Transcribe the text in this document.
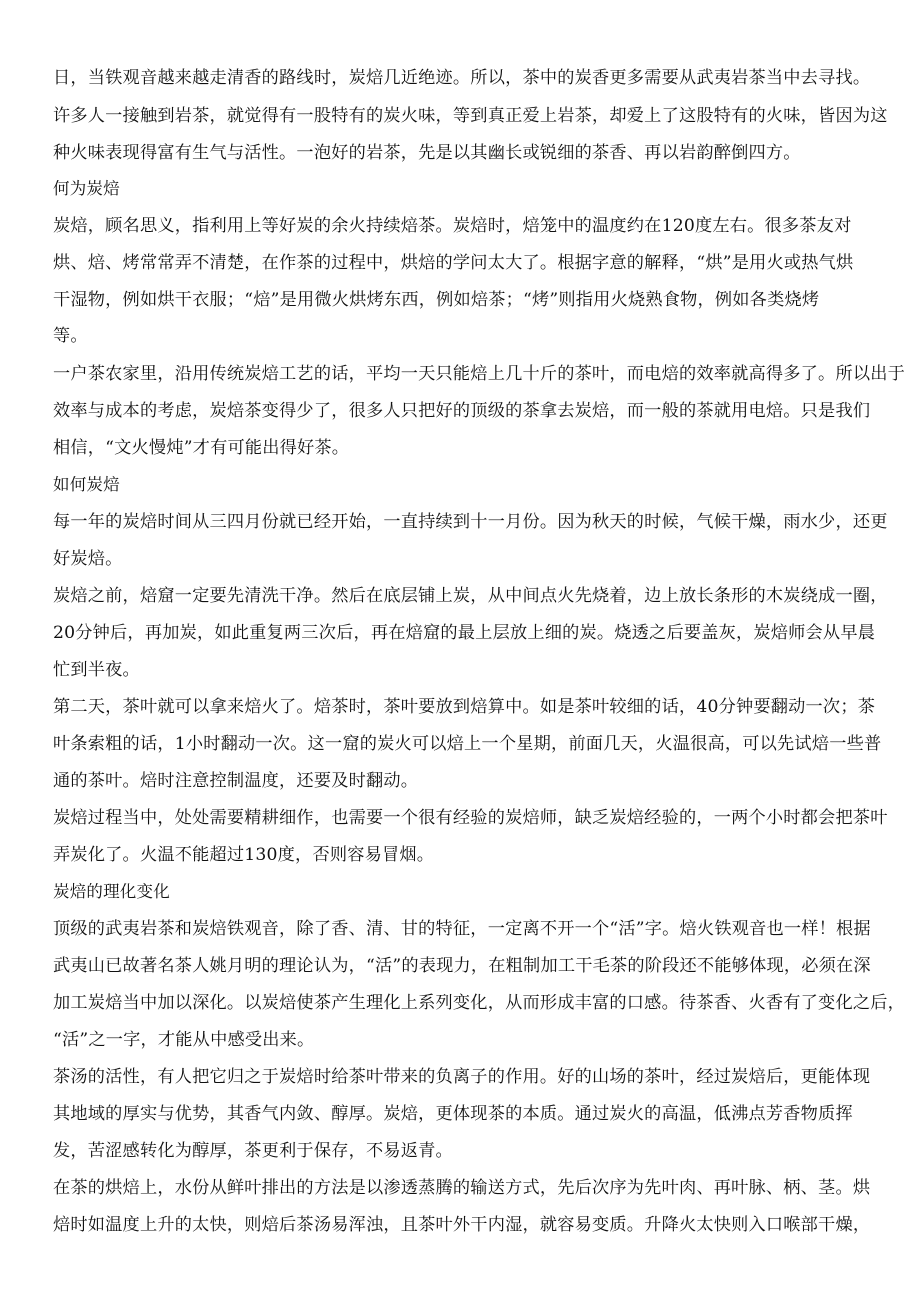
日，当铁观音越来越走清香的路线时，炭焙几近绝迹。所以，茶中的炭香更多需要从武夷岩茶当中去寻找。
许多人一接触到岩茶，就觉得有一股特有的炭火味，等到真正爱上岩茶，却爱上了这股特有的火味，皆因为这
种火味表现得富有生气与活性。一泡好的岩茶，先是以其幽长或锐细的茶香、再以岩韵醉倒四方。
何为炭焙
炭焙，顾名思义，指利用上等好炭的余火持续焙茶。炭焙时，焙笼中的温度约在120度左右。很多茶友对
烘、焙、烤常常弄不清楚，在作茶的过程中，烘焙的学问太大了。根据字意的解释，“烘”是用火或热气烘
干湿物，例如烘干衣服；“焙”是用微火烘烤东西，例如焙茶；“烤”则指用火烧熟食物，例如各类烧烤
等。
一户茶农家里，沿用传统炭焙工艺的话，平均一天只能焙上几十斤的茶叶，而电焙的效率就高得多了。所以出于
效率与成本的考虑，炭焙茶变得少了，很多人只把好的顶级的茶拿去炭焙，而一般的茶就用电焙。只是我们
相信，“文火慢炖”才有可能出得好茶。
如何炭焙
每一年的炭焙时间从三四月份就已经开始，一直持续到十一月份。因为秋天的时候，气候干燥，雨水少，还更
好炭焙。
炭焙之前，焙窟一定要先清洗干净。然后在底层铺上炭，从中间点火先烧着，边上放长条形的木炭绕成一圈，
20分钟后，再加炭，如此重复两三次后，再在焙窟的最上层放上细的炭。烧透之后要盖灰，炭焙师会从早晨
忙到半夜。
第二天，茶叶就可以拿来焙火了。焙茶时，茶叶要放到焙算中。如是茶叶较细的话，40分钟要翻动一次；茶
叶条索粗的话，1小时翻动一次。这一窟的炭火可以焙上一个星期，前面几天，火温很高，可以先试焙一些普
通的茶叶。焙时注意控制温度，还要及时翻动。
炭焙过程当中，处处需要精耕细作，也需要一个很有经验的炭焙师，缺乏炭焙经验的，一两个小时都会把茶叶
弄炭化了。火温不能超过130度，否则容易冒烟。
炭焙的理化变化
顶级的武夷岩茶和炭焙铁观音，除了香、清、甘的特征，一定离不开一个“活”字。焙火铁观音也一样！根据
武夷山已故著名茶人姚月明的理论认为，“活”的表现力，在粗制加工干毛茶的阶段还不能够体现，必须在深
加工炭焙当中加以深化。以炭焙使茶产生理化上系列变化，从而形成丰富的口感。待茶香、火香有了变化之后，
“活”之一字，才能从中感受出来。
茶汤的活性，有人把它归之于炭焙时给茶叶带来的负离子的作用。好的山场的茶叶，经过炭焙后，更能体现
其地域的厚实与优势，其香气内敛、醇厚。炭焙，更体现茶的本质。通过炭火的高温，低沸点芳香物质挥
发，苦涩感转化为醇厚，茶更利于保存，不易返青。
在茶的烘焙上，水份从鲜叶排出的方法是以渗透蒸腾的输送方式，先后次序为先叶肉、再叶脉、柄、茎。烘
焙时如温度上升的太快，则焙后茶汤易浑浊，且茶叶外干内湿，就容易变质。升降火太快则入口喉部干燥，
